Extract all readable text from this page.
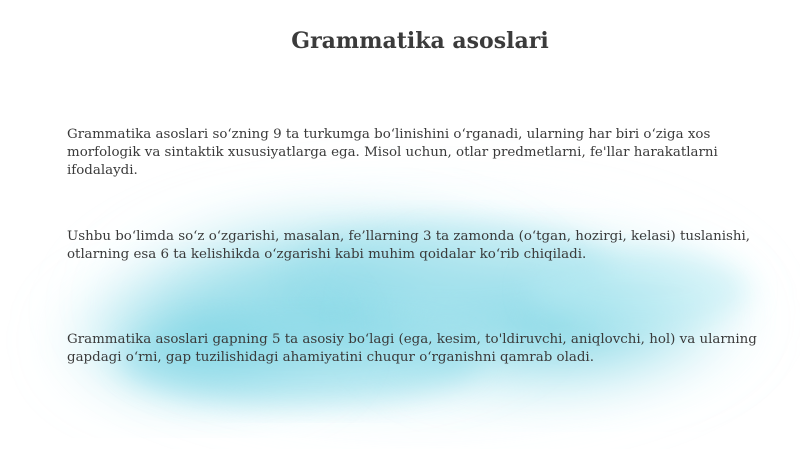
Grammatika asoslari

Grammatika asoslari so‘zning 9 ta turkumga bo‘linishini o‘rganadi, ularning har biri o‘ziga xos morfologik va sintaktik xususiyatlarga ega. Misol uchun, otlar predmetlarni, fe'llar harakatlarni ifodalaydi.

Ushbu bo‘limda so‘z o‘zgarishi, masalan, fe’llarning 3 ta zamonda (o‘tgan, hozirgi, kelasi) tuslanishi, otlarning esa 6 ta kelishikda o‘zgarishi kabi muhim qoidalar ko‘rib chiqiladi.

Grammatika asoslari gapning 5 ta asosiy bo‘lagi (ega, kesim, to'ldiruvchi, aniqlovchi, hol) va ularning gapdagi o‘rni, gap tuzilishidagi ahamiyatini chuqur o‘rganishni qamrab oladi.
